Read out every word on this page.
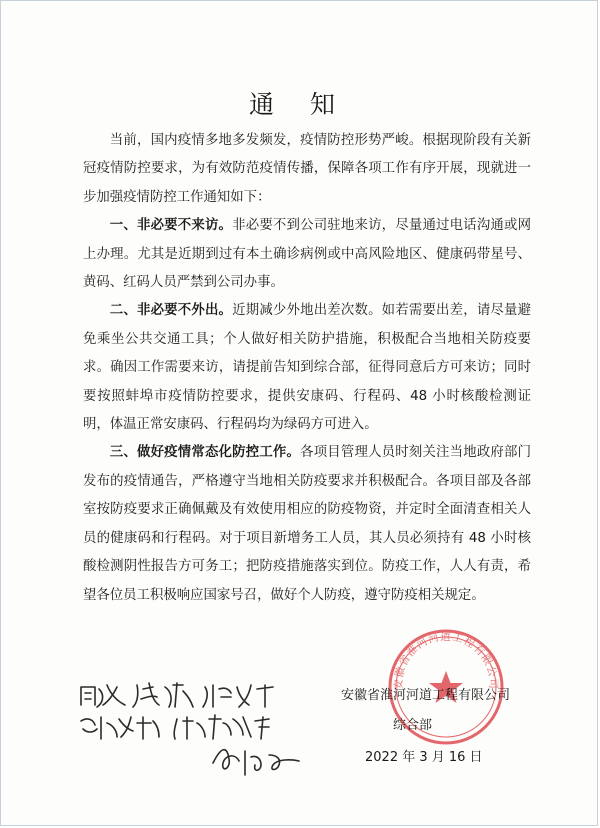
通 知

当前，国内疫情多地多发频发，疫情防控形势严峻。根据现阶段有关新冠疫情防控要求，为有效防范疫情传播，保障各项工作有序开展，现就进一步加强疫情防控工作通知如下：

一、非必要不来访。非必要不到公司驻地来访，尽量通过电话沟通或网上办理。尤其是近期到过有本土确诊病例或中高风险地区、健康码带星号、黄码、红码人员严禁到公司办事。

二、非必要不外出。近期减少外地出差次数。如若需要出差，请尽量避免乘坐公共交通工具；个人做好相关防护措施，积极配合当地相关防疫要求。确因工作需要来访，请提前告知到综合部，征得同意后方可来访；同时要按照蚌埠市疫情防控要求，提供安康码、行程码、48 小时核酸检测证明，体温正常安康码、行程码均为绿码方可进入。

三、做好疫情常态化防控工作。各项目管理人员时刻关注当地政府部门发布的疫情通告，严格遵守当地相关防疫要求并积极配合。各项目部及各部室按防疫要求正确佩戴及有效使用相应的防疫物资，并定时全面清查相关人员的健康码和行程码。对于项目新增务工人员，其人员必须持有 48 小时核酸检测阴性报告方可务工；把防疫措施落实到位。防疫工作，人人有责，希望各位员工积极响应国家号召，做好个人防疫，遵守防疫相关规定。

安徽省淮河河道工程有限公司
安徽省淮河河道工程有限公司
综合部
2022 年 3 月 16 日
